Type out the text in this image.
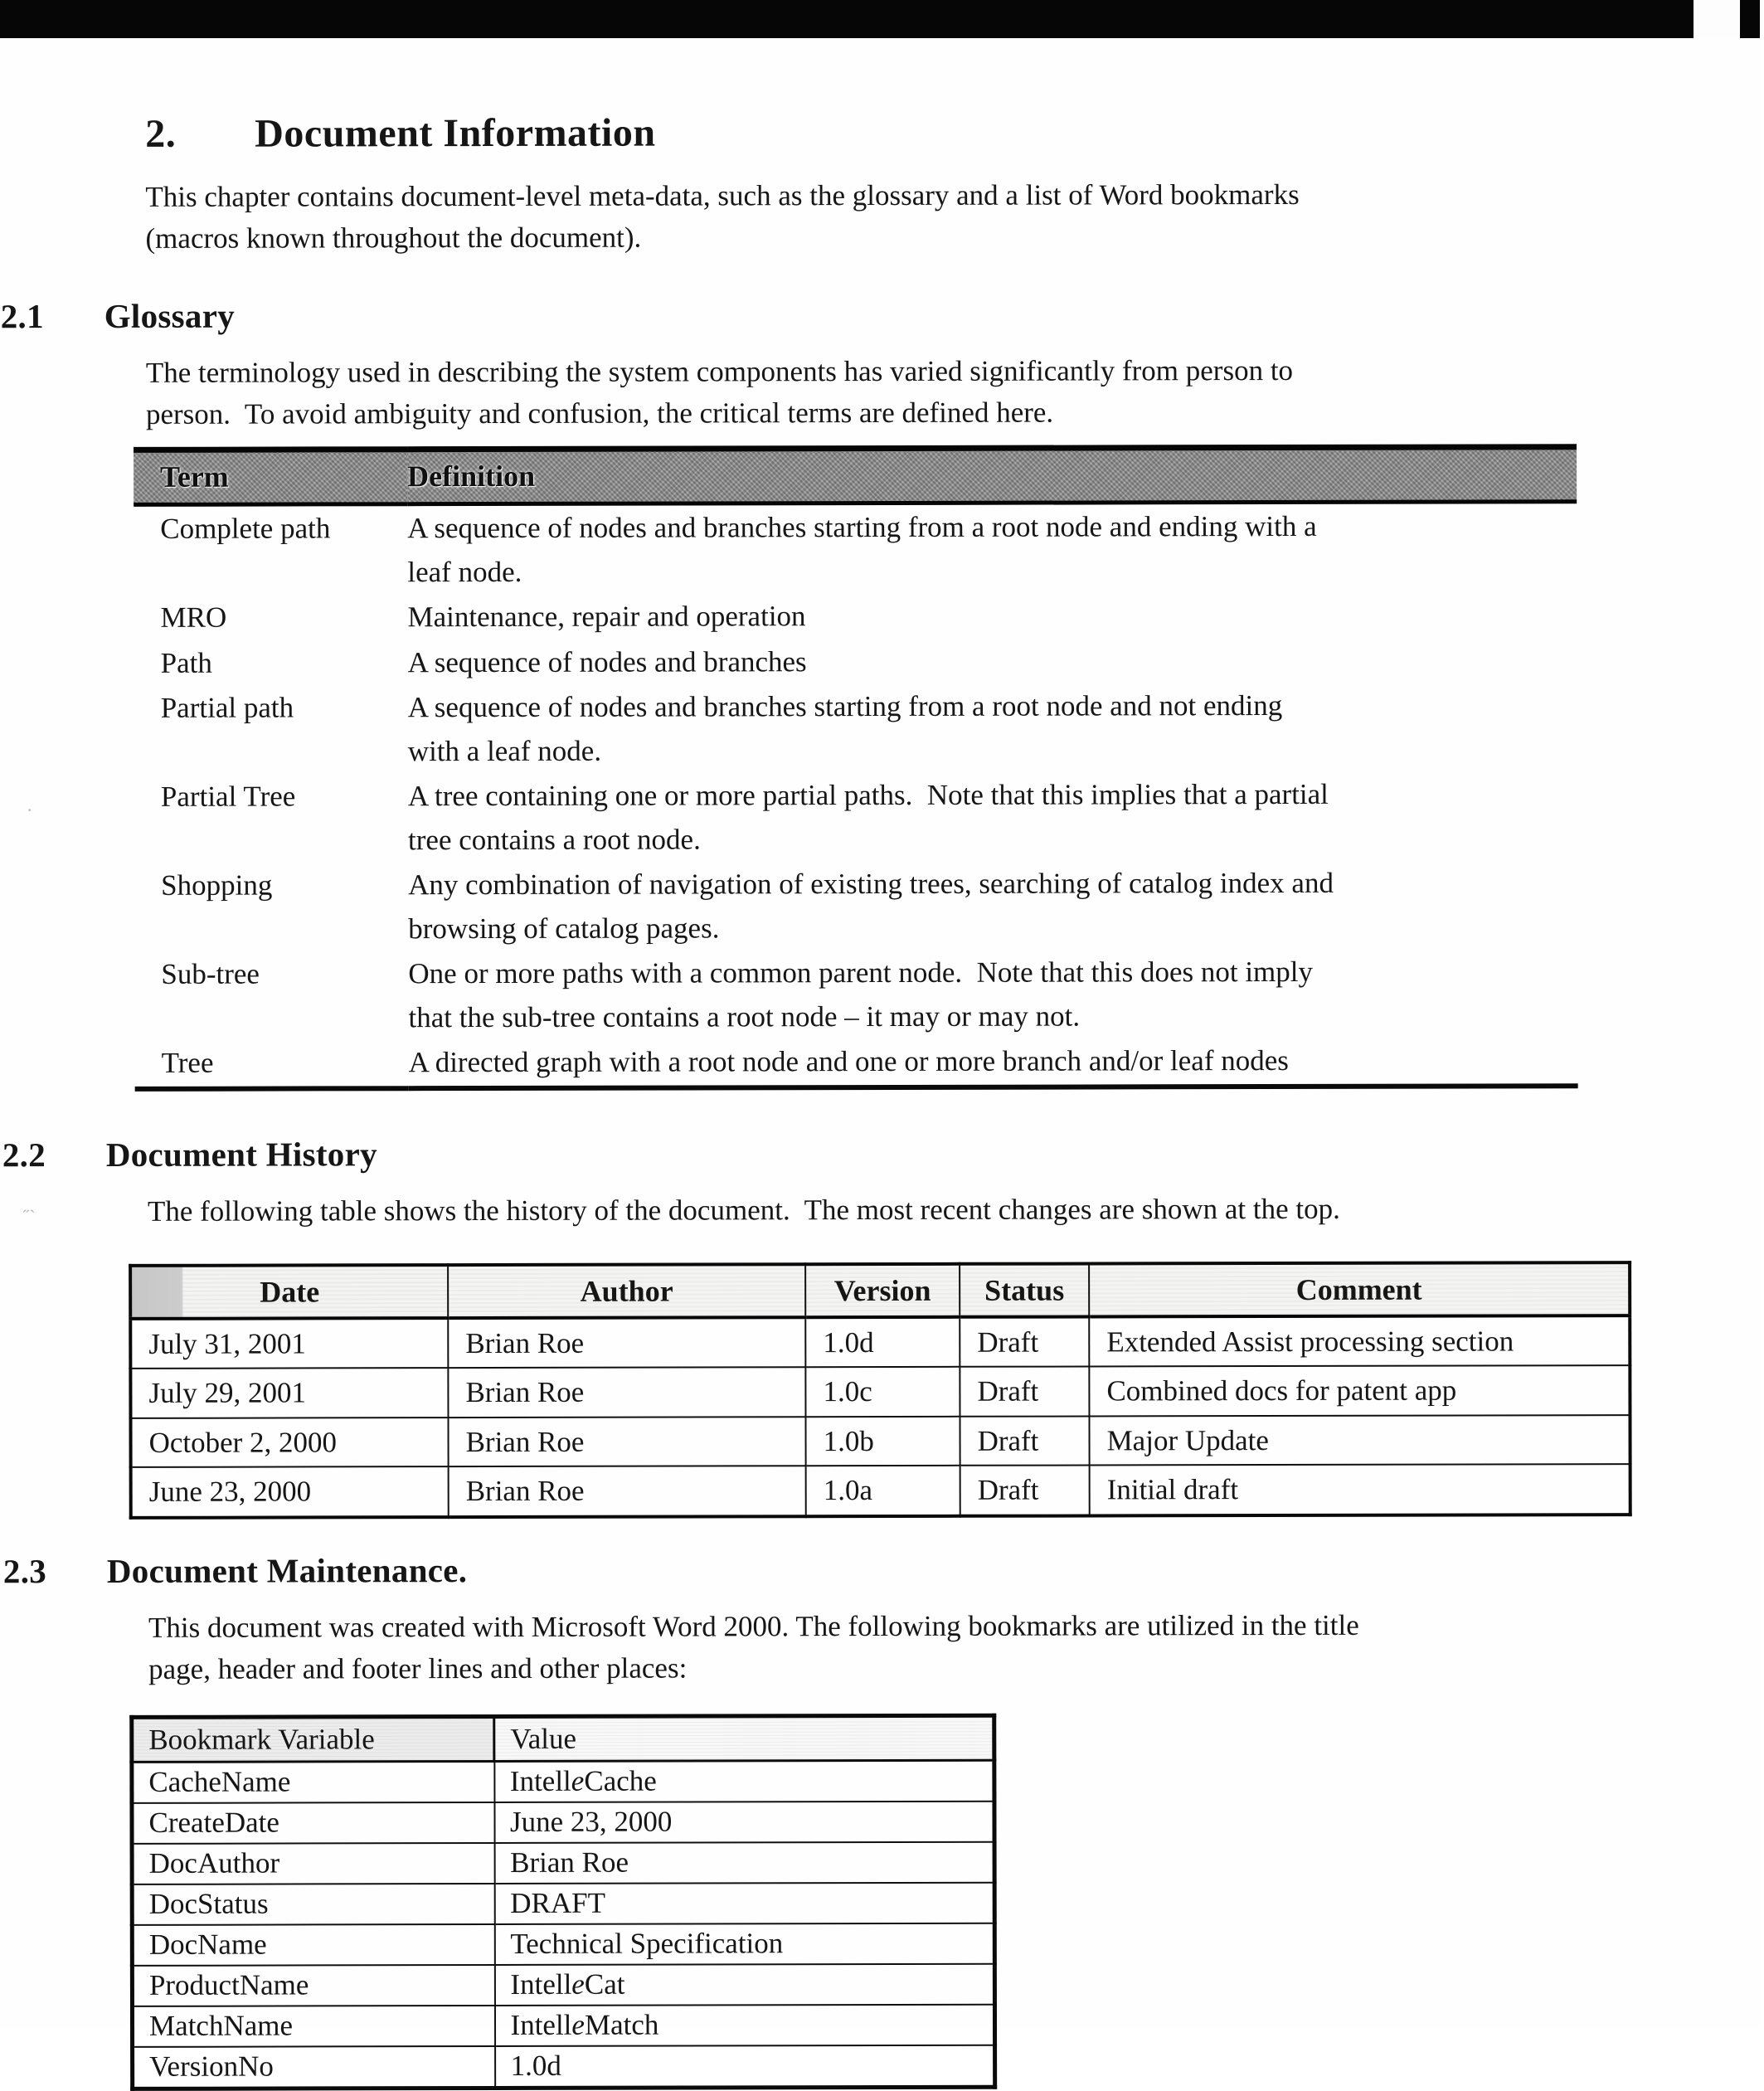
·
˝`
2.	Document Information

This chapter contains document-level meta-data, such as the glossary and a list of Word bookmarks
(macros known throughout the document).

2.1	Glossary

The terminology used in describing the system components has varied significantly from person to
person.  To avoid ambiguity and confusion, the critical terms are defined here.

Term	Definition
Complete path	A sequence of nodes and branches starting from a root node and ending with a
leaf node.
MRO	Maintenance, repair and operation
Path	A sequence of nodes and branches
Partial path	A sequence of nodes and branches starting from a root node and not ending
with a leaf node.
Partial Tree	A tree containing one or more partial paths.  Note that this implies that a partial
tree contains a root node.
Shopping	Any combination of navigation of existing trees, searching of catalog index and
browsing of catalog pages.
Sub-tree	One or more paths with a common parent node.  Note that this does not imply
that the sub-tree contains a root node – it may or may not.
Tree	A directed graph with a root node and one or more branch and/or leaf nodes
2.2	Document History

The following table shows the history of the document.  The most recent changes are shown at the top.

Date	Author	Version	Status	Comment
July 31, 2001	Brian Roe	1.0d	Draft	Extended Assist processing section
July 29, 2001	Brian Roe	1.0c	Draft	Combined docs for patent app
October 2, 2000	Brian Roe	1.0b	Draft	Major Update
June 23, 2000	Brian Roe	1.0a	Draft	Initial draft
2.3	Document Maintenance.

This document was created with Microsoft Word 2000. The following bookmarks are utilized in the title
page, header and footer lines and other places:

Bookmark Variable	Value
CacheName	IntelleCache
CreateDate	June 23, 2000
DocAuthor	Brian Roe
DocStatus	DRAFT
DocName	Technical Specification
ProductName	IntelleCat
MatchName	IntelleMatch
VersionNo	1.0d
